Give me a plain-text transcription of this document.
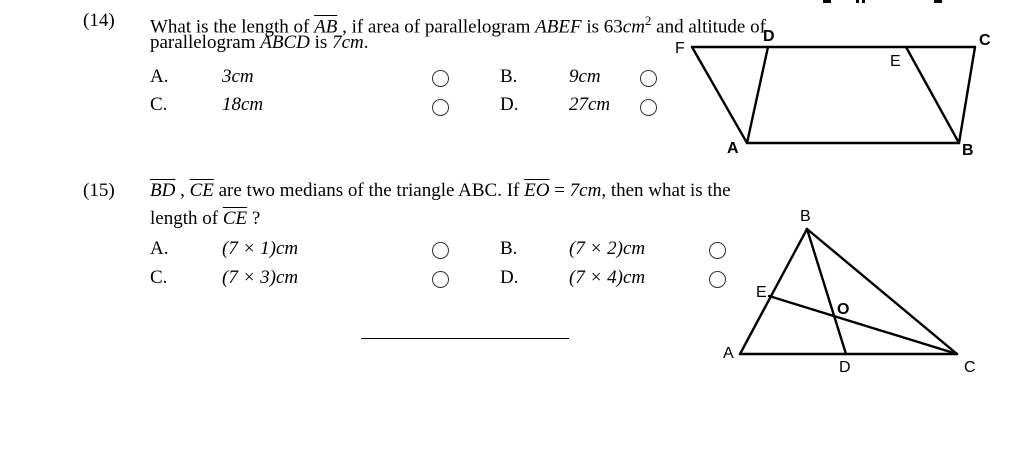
(14) What is the length of $\overline{AB}$ , if area of parallelogram ABEF is $63cm^2$ and altitude of
parallelogram ABCD is 7cm.
A.	3cm	B.	9cm
C.	18cm	D.	27cm
F
D	C
E
A	B
(15) $\overline{BD}$ , $\overline{CE}$ are two medians of the triangle ABC. If $\overline{EO} = 7cm$, then what is the
length of $\overline{CE}$ ?
A.	(7 × 1)cm	B.	(7 × 2)cm
C.	(7 × 3)cm	D.	(7 × 4)cm
B
E
O
A
D	C
